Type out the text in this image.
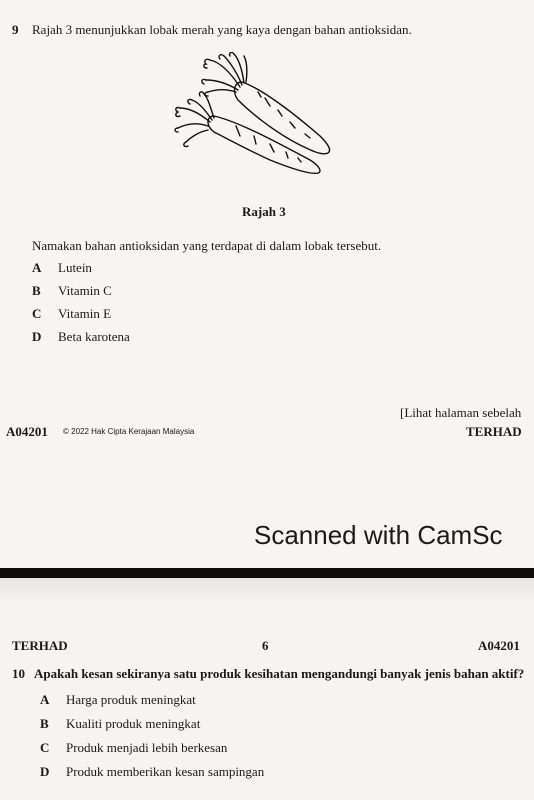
9 Rajah 3 menunjukkan lobak merah yang kaya dengan bahan antioksidan.
Rajah 3
Namakan bahan antioksidan yang terdapat di dalam lobak tersebut.
A Lutein
B Vitamin C
C Vitamin E
D Beta karotena
[Lihat halaman sebelah
A04201 © 2022 Hak Cipta Kerajaan Malaysia	TERHAD
Scanned with CamSc
TERHAD	6	A04201
10 Apakah kesan sekiranya satu produk kesihatan mengandungi banyak jenis bahan aktif?
A Harga produk meningkat
B Kualiti produk meningkat
C Produk menjadi lebih berkesan
D Produk memberikan kesan sampingan
